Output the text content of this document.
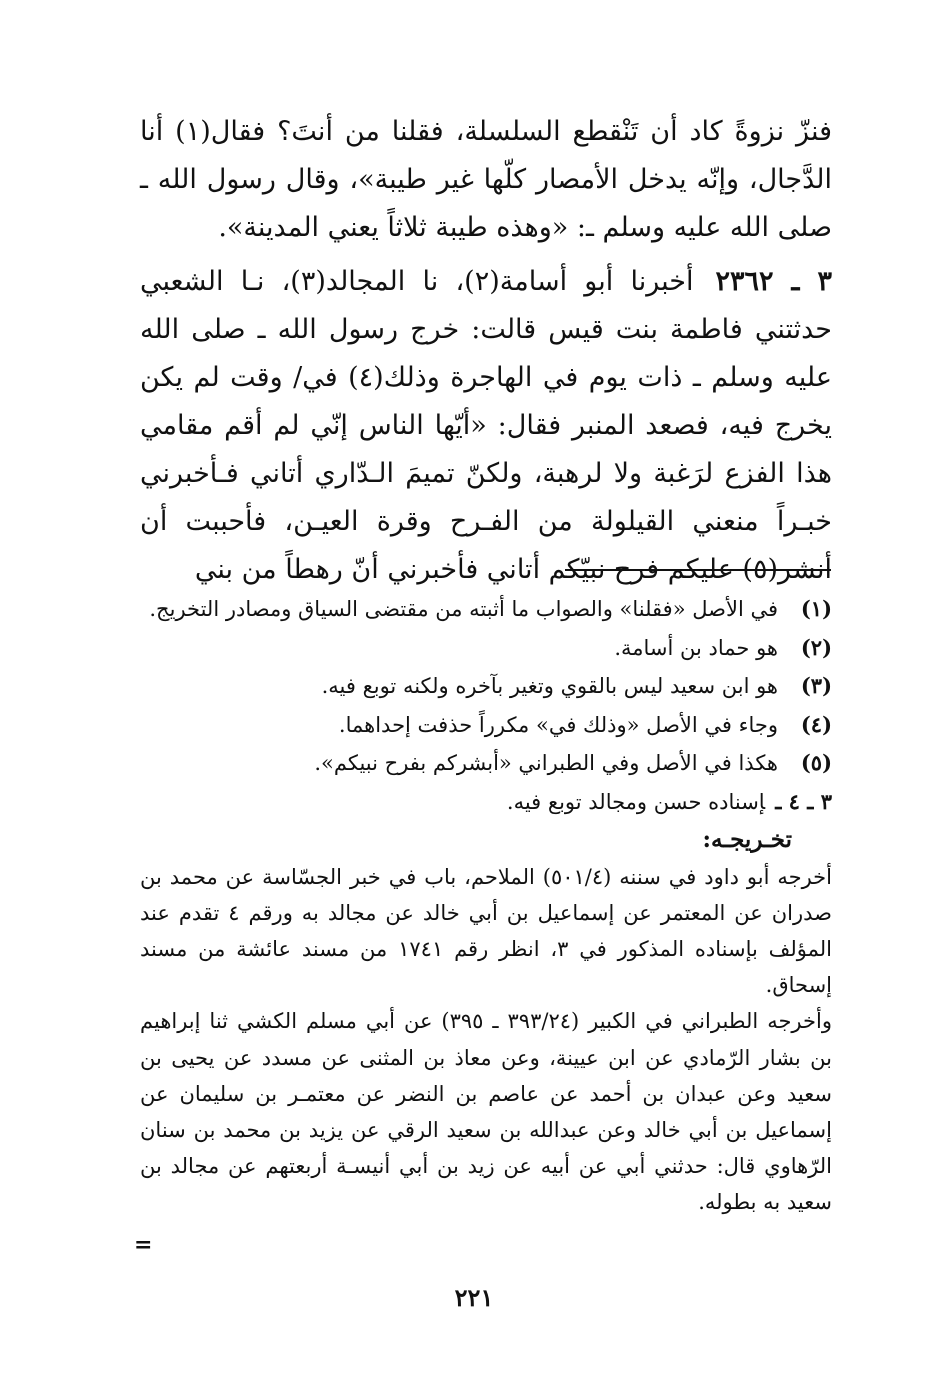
فنزّ نزوةً كاد أن تَنْقطع السلسلة، فقلنا من أنتَ؟ فقال(١) أنا الدَّجال، وإنّه يدخل الأمصار كلّها غير طيبة»، وقال رسول الله ـ صلى الله عليه وسلم ـ: «وهذه طيبة ثلاثاً يعني المدينة».

٣ ـ ٢٣٦٢أخبرنا أبو أسامة(٢)، نا المجالد(٣)، نـا الشعبي حدثتني فاطمة بنت قيس قالت: خرج رسول الله ـ صلى الله عليه وسلم ـ ذات يوم في الهاجرة وذلك(٤) في/ وقت لم يكن يخرج فيه، فصعد المنبر فقال: «أيّها الناس إنّي لم أقم مقامي هذا الفزع لرَغبة ولا لرهبة، ولكنّ تميمَ الـدّاري أتاني فـأخبرني خبـراً منعني القيلولة من الفـرح وقرة العيـن، فأحببت أن أنشر(٥) عليكم فرح نبيّكم أتاني فأخبرني أنّ رهطاً من بني

(١)في الأصل «فقلنا» والصواب ما أثبته من مقتضى السياق ومصادر التخريج.
(٢)هو حماد بن أسامة.
(٣)هو ابن سعيد ليس بالقوي وتغير بآخره ولكنه توبع فيه.
(٤)وجاء في الأصل «وذلك في» مكرراً حذفت إحداهما.
(٥)هكذا في الأصل وفي الطبراني «أبشركم بفرح نبيكم».
٣ ـ ٤ ـإسناده حسن ومجالد توبع فيه.
تخـريجـه:

أخرجه أبو داود في سننه (٥٠١/٤) الملاحم، باب في خبر الجسّاسة عن محمد بن صدران عن المعتمر عن إسماعيل بن أبي خالد عن مجالد به ورقم ٤ تقدم عند المؤلف بإسناده المذكور في ٣، انظر رقم ١٧٤١ من مسند عائشة من مسند إسحاق.

وأخرجه الطبراني في الكبير (٣٩٣/٢٤ ـ ٣٩٥) عن أبي مسلم الكشي ثنا إبراهيم بن بشار الرّمادي عن ابن عيينة، وعن معاذ بن المثنى عن مسدد عن يحيى بن سعيد وعن عبدان بن أحمد عن عاصم بن النضر عن معتمـر بن سليمان عن إسماعيل بن أبي خالد وعن عبدالله بن سعيد الرقي عن يزيد بن محمد بن سنان الرّهاوي قال: حدثني أبي عن أبيه عن زيد بن أبي أنيسـة أربعتهم عن مجالد بن سعيد به بطوله.

=
٢٢١
